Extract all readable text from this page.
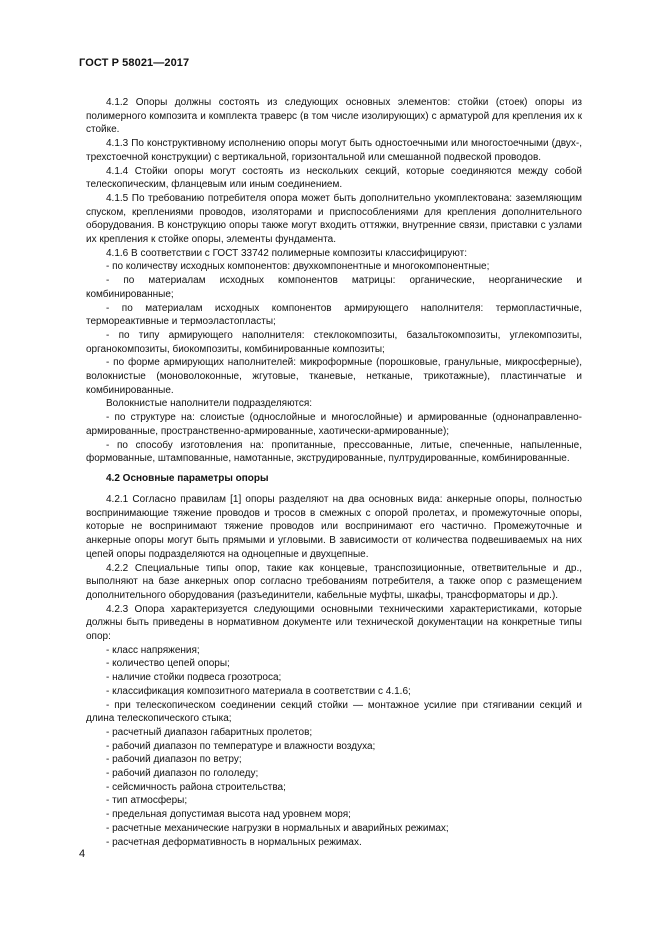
ГОСТ Р 58021—2017

4.1.2 Опоры должны состоять из следующих основных элементов: стойки (стоек) опоры из полимерного композита и комплекта траверс (в том числе изолирующих) с арматурой для крепления их к стойке.

4.1.3 По конструктивному исполнению опоры могут быть одностоечными или многостоечными (двух-, трехстоечной конструкции) с вертикальной, горизонтальной или смешанной подвеской проводов.

4.1.4 Стойки опоры могут состоять из нескольких секций, которые соединяются между собой телескопическим, фланцевым или иным соединением.

4.1.5 По требованию потребителя опора может быть дополнительно укомплектована: заземляющим спуском, креплениями проводов, изоляторами и приспособлениями для крепления дополнительного оборудования. В конструкцию опоры также могут входить оттяжки, внутренние связи, приставки с узлами их крепления к стойке опоры, элементы фундамента.

4.1.6 В соответствии с ГОСТ 33742 полимерные композиты классифицируют:

- по количеству исходных компонентов: двухкомпонентные и многокомпонентные;

- по материалам исходных компонентов матрицы: органические, неорганические и комбинированные;

- по материалам исходных компонентов армирующего наполнителя: термопластичные, термореактивные и термоэластопласты;

- по типу армирующего наполнителя: стеклокомпозиты, базальтокомпозиты, углекомпозиты, органокомпозиты, биокомпозиты, комбинированные композиты;

- по форме армирующих наполнителей: микроформные (порошковые, гранульные, микросферные), волокнистые (моноволоконные, жгутовые, тканевые, нетканые, трикотажные), пластинчатые и комбинированные.

Волокнистые наполнители подразделяются:

- по структуре на: слоистые (однослойные и многослойные) и армированные (однонаправленно-армированные, пространственно-армированные, хаотически-армированные);

- по способу изготовления на: пропитанные, прессованные, литые, спеченные, напыленные, формованные, штампованные, намотанные, экструдированные, пултрудированные, комбинированные.

4.2 Основные параметры опоры

4.2.1 Согласно правилам [1] опоры разделяют на два основных вида: анкерные опоры, полностью воспринимающие тяжение проводов и тросов в смежных с опорой пролетах, и промежуточные опоры, которые не воспринимают тяжение проводов или воспринимают его частично. Промежуточные и анкерные опоры могут быть прямыми и угловыми. В зависимости от количества подвешиваемых на них цепей опоры подразделяются на одноцепные и двухцепные.

4.2.2 Специальные типы опор, такие как концевые, транспозиционные, ответвительные и др., выполняют на базе анкерных опор согласно требованиям потребителя, а также опор с размещением дополнительного оборудования (разъединители, кабельные муфты, шкафы, трансформаторы и др.).

4.2.3 Опора характеризуется следующими основными техническими характеристиками, которые должны быть приведены в нормативном документе или технической документации на конкретные типы опор:

- класс напряжения;

- количество цепей опоры;

- наличие стойки подвеса грозотроса;

- классификация композитного материала в соответствии с 4.1.6;

- при телескопическом соединении секций стойки — монтажное усилие при стягивании секций и длина телескопического стыка;

- расчетный диапазон габаритных пролетов;

- рабочий диапазон по температуре и влажности воздуха;

- рабочий диапазон по ветру;

- рабочий диапазон по гололеду;

- сейсмичность района строительства;

- тип атмосферы;

- предельная допустимая высота над уровнем моря;

- расчетные механические нагрузки в нормальных и аварийных режимах;

- расчетная деформативность в нормальных режимах.

4
